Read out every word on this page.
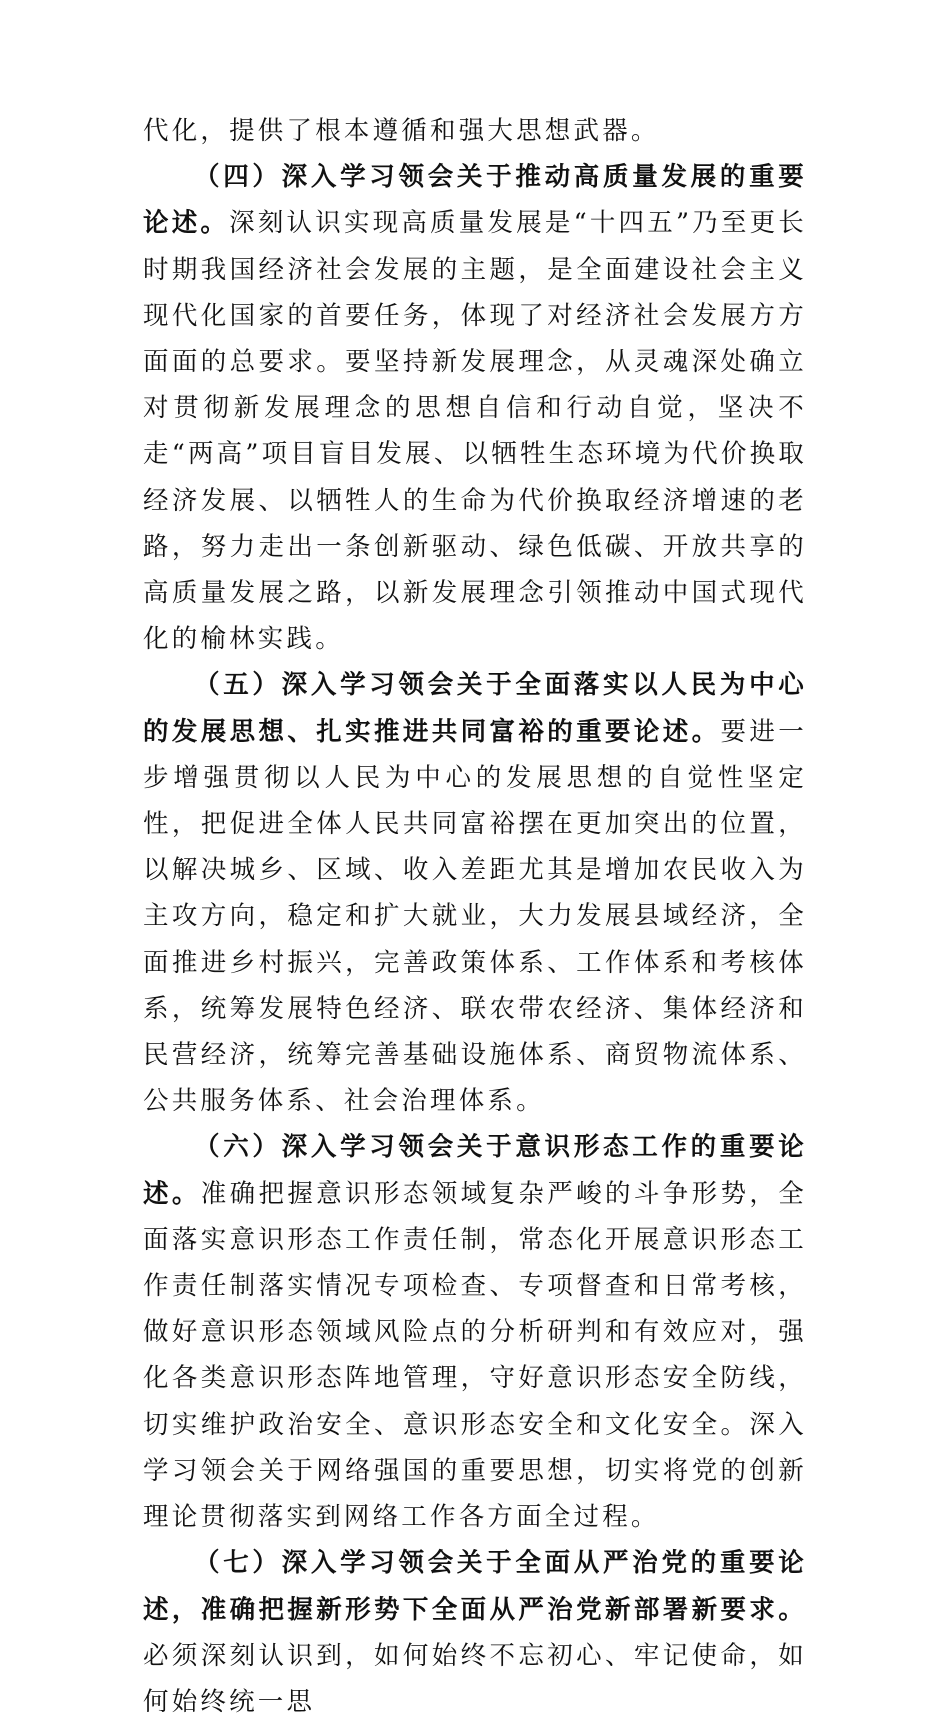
代化，提供了根本遵循和强大思想武器。

（四）深入学习领会关于推动高质量发展的重要论述。深刻认识实现高质量发展是“十四五”乃至更长时期我国经济社会发展的主题，是全面建设社会主义现代化国家的首要任务，体现了对经济社会发展方方面面的总要求。要坚持新发展理念，从灵魂深处确立对贯彻新发展理念的思想自信和行动自觉，坚决不走“两高”项目盲目发展、以牺牲生态环境为代价换取经济发展、以牺牲人的生命为代价换取经济增速的老路，努力走出一条创新驱动、绿色低碳、开放共享的高质量发展之路，以新发展理念引领推动中国式现代化的榆林实践。

（五）深入学习领会关于全面落实以人民为中心的发展思想、扎实推进共同富裕的重要论述。要进一步增强贯彻以人民为中心的发展思想的自觉性坚定性，把促进全体人民共同富裕摆在更加突出的位置，以解决城乡、区域、收入差距尤其是增加农民收入为主攻方向，稳定和扩大就业，大力发展县域经济，全面推进乡村振兴，完善政策体系、工作体系和考核体系，统筹发展特色经济、联农带农经济、集体经济和民营经济，统筹完善基础设施体系、商贸物流体系、公共服务体系、社会治理体系。

（六）深入学习领会关于意识形态工作的重要论述。准确把握意识形态领域复杂严峻的斗争形势，全面落实意识形态工作责任制，常态化开展意识形态工作责任制落实情况专项检查、专项督查和日常考核，做好意识形态领域风险点的分析研判和有效应对，强化各类意识形态阵地管理，守好意识形态安全防线，切实维护政治安全、意识形态安全和文化安全。深入学习领会关于网络强国的重要思想，切实将党的创新理论贯彻落实到网络工作各方面全过程。

（七）深入学习领会关于全面从严治党的重要论述，准确把握新形势下全面从严治党新部署新要求。必须深刻认识到，如何始终不忘初心、牢记使命，如何始终统一思
